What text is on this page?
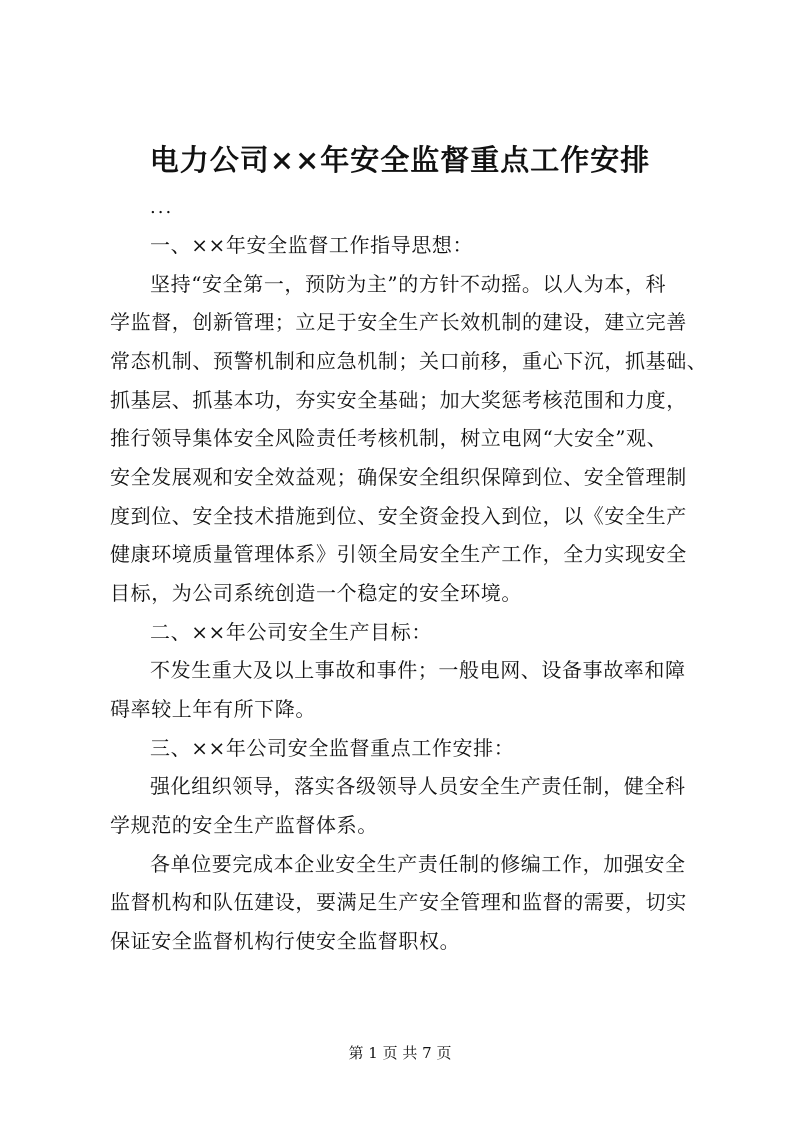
电力公司××年安全监督重点工作安排
...
一、××年安全监督工作指导思想：
坚持“安全第一，预防为主”的方针不动摇。以人为本，科
学监督，创新管理；立足于安全生产长效机制的建设，建立完善
常态机制、预警机制和应急机制；关口前移，重心下沉，抓基础、
抓基层、抓基本功，夯实安全基础；加大奖惩考核范围和力度，
推行领导集体安全风险责任考核机制，树立电网“大安全”观、
安全发展观和安全效益观；确保安全组织保障到位、安全管理制
度到位、安全技术措施到位、安全资金投入到位，以《安全生产
健康环境质量管理体系》引领全局安全生产工作，全力实现安全
目标，为公司系统创造一个稳定的安全环境。
二、××年公司安全生产目标：
不发生重大及以上事故和事件；一般电网、设备事故率和障
碍率较上年有所下降。
三、××年公司安全监督重点工作安排：
强化组织领导，落实各级领导人员安全生产责任制，健全科
学规范的安全生产监督体系。
各单位要完成本企业安全生产责任制的修编工作，加强安全
监督机构和队伍建设，要满足生产安全管理和监督的需要，切实
保证安全监督机构行使安全监督职权。
第 1 页 共 7 页
